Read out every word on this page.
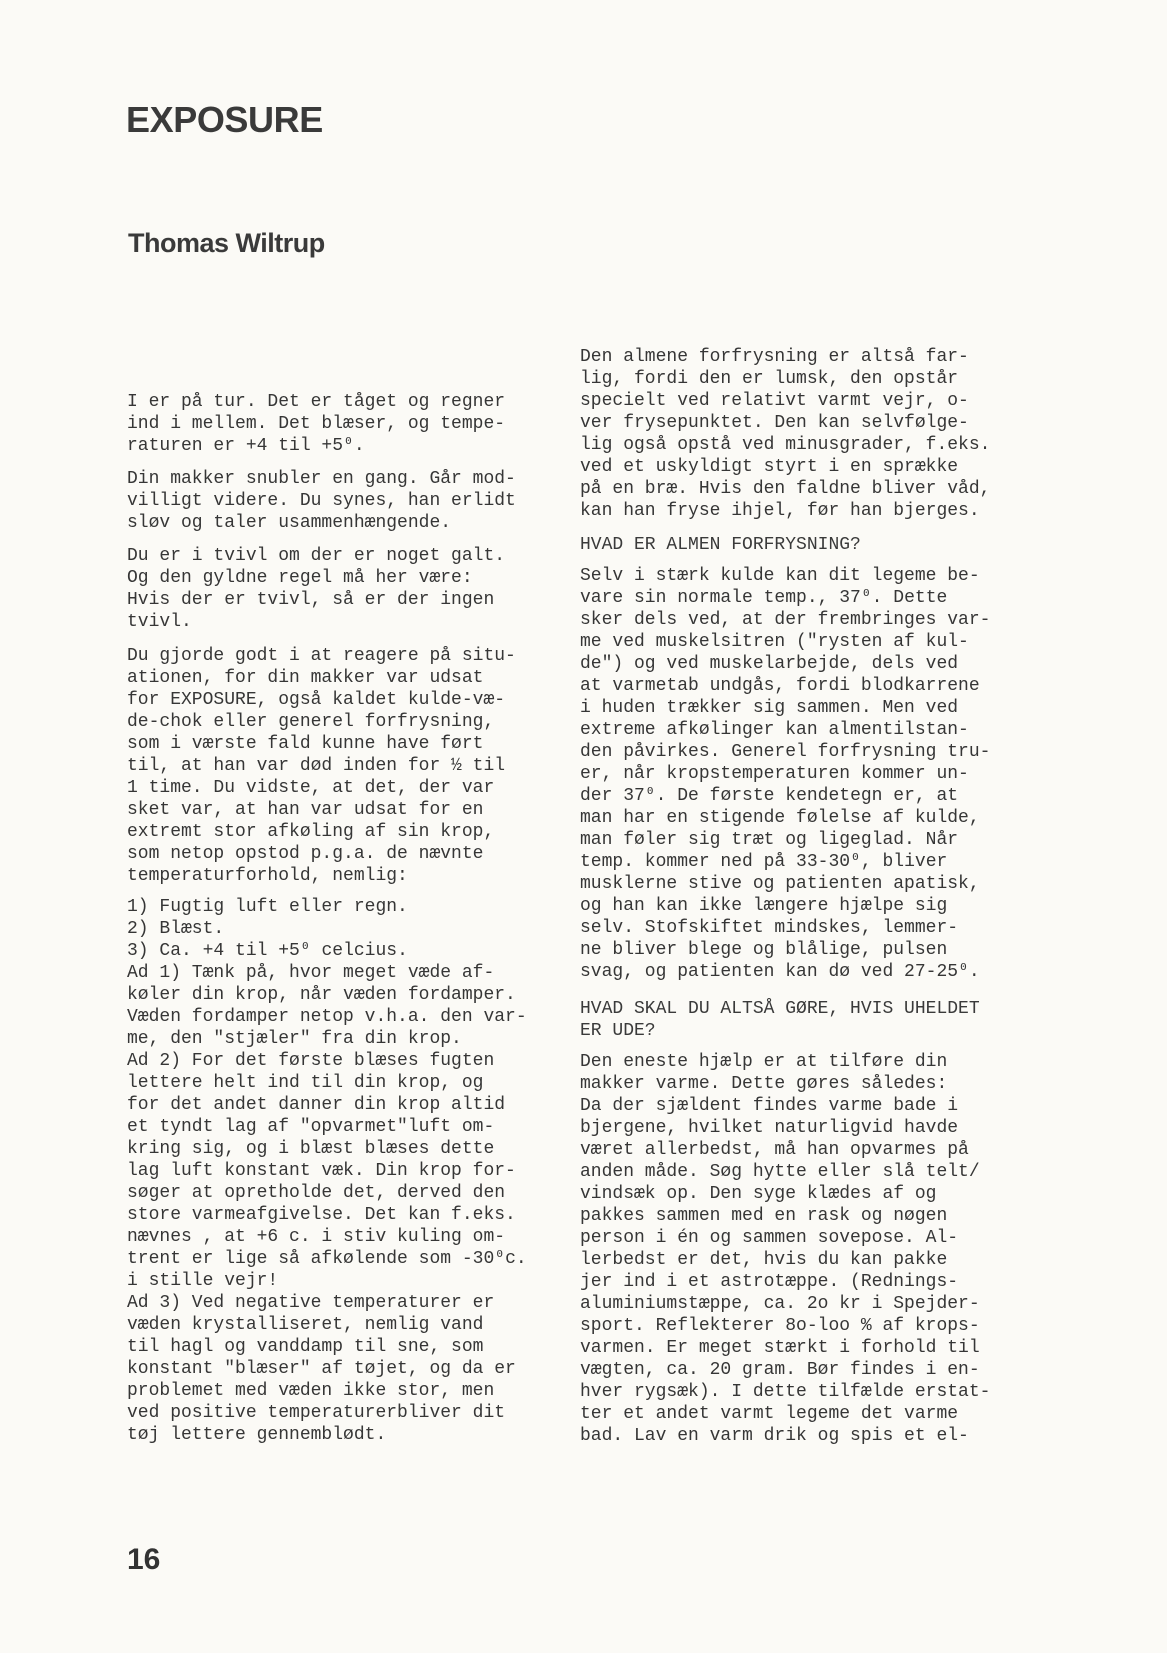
EXPOSURE
Thomas Wiltrup

I er på tur. Det er tåget og regner
ind i mellem. Det blæser, og tempe-
raturen er +4 til +5⁰.

Din makker snubler en gang. Går mod-
villigt videre. Du synes, han erlidt
sløv og taler usammenhængende.

Du er i tvivl om der er noget galt.
Og den gyldne regel må her være:
Hvis der er tvivl, så er der ingen
tvivl.

Du gjorde godt i at reagere på situ-
ationen, for din makker var udsat
for EXPOSURE, også kaldet kulde-væ-
de-chok eller generel forfrysning,
som i værste fald kunne have ført
til, at han var død inden for ½ til
1 time. Du vidste, at det, der var
sket var, at han var udsat for en
extremt stor afkøling af sin krop,
som netop opstod p.g.a. de nævnte
temperaturforhold, nemlig:

1) Fugtig luft eller regn.

2) Blæst.

3) Ca. +4 til +5⁰ celcius.

Ad 1) Tænk på, hvor meget væde af-
køler din krop, når væden fordamper.
Væden fordamper netop v.h.a. den var-
me, den "stjæler" fra din krop.

Ad 2) For det første blæses fugten
lettere helt ind til din krop, og
for det andet danner din krop altid
et tyndt lag af "opvarmet"luft om-
kring sig, og i blæst blæses dette
lag luft konstant væk. Din krop for-
søger at opretholde det, derved den
store varmeafgivelse. Det kan f.eks.
nævnes , at +6 c. i stiv kuling om-
trent er lige så afkølende som -30⁰c.
i stille vejr!

Ad 3) Ved negative temperaturer er
væden krystalliseret, nemlig vand
til hagl og vanddamp til sne, som
konstant "blæser" af tøjet, og da er
problemet med væden ikke stor, men
ved positive temperaturerbliver dit
tøj lettere gennemblødt.

Den almene forfrysning er altså far-
lig, fordi den er lumsk, den opstår
specielt ved relativt varmt vejr, o-
ver frysepunktet. Den kan selvfølge-
lig også opstå ved minusgrader, f.eks.
ved et uskyldigt styrt i en sprække
på en bræ. Hvis den faldne bliver våd,
kan han fryse ihjel, før han bjerges.

HVAD ER ALMEN FORFRYSNING?

Selv i stærk kulde kan dit legeme be-
vare sin normale temp., 37⁰. Dette
sker dels ved, at der frembringes var-
me ved muskelsitren ("rysten af kul-
de") og ved muskelarbejde, dels ved
at varmetab undgås, fordi blodkarrene
i huden trækker sig sammen. Men ved
extreme afkølinger kan almentilstan-
den påvirkes. Generel forfrysning tru-
er, når kropstemperaturen kommer un-
der 37⁰. De første kendetegn er, at
man har en stigende følelse af kulde,
man føler sig træt og ligeglad. Når
temp. kommer ned på 33-30⁰, bliver
musklerne stive og patienten apatisk,
og han kan ikke længere hjælpe sig
selv. Stofskiftet mindskes, lemmer-
ne bliver blege og blålige, pulsen
svag, og patienten kan dø ved 27-25⁰.

HVAD SKAL DU ALTSÅ GØRE, HVIS UHELDET
ER UDE?

Den eneste hjælp er at tilføre din
makker varme. Dette gøres således:
Da der sjældent findes varme bade i
bjergene, hvilket naturligvid havde
været allerbedst, må han opvarmes på
anden måde. Søg hytte eller slå telt/
vindsæk op. Den syge klædes af og
pakkes sammen med en rask og nøgen
person i én og sammen sovepose. Al-
lerbedst er det, hvis du kan pakke
jer ind i et astrotæppe. (Rednings-
aluminiumstæppe, ca. 2o kr i Spejder-
sport. Reflekterer 8o-loo % af krops-
varmen. Er meget stærkt i forhold til
vægten, ca. 20 gram. Bør findes i en-
hver rygsæk). I dette tilfælde erstat-
ter et andet varmt legeme det varme
bad. Lav en varm drik og spis et el-

16
